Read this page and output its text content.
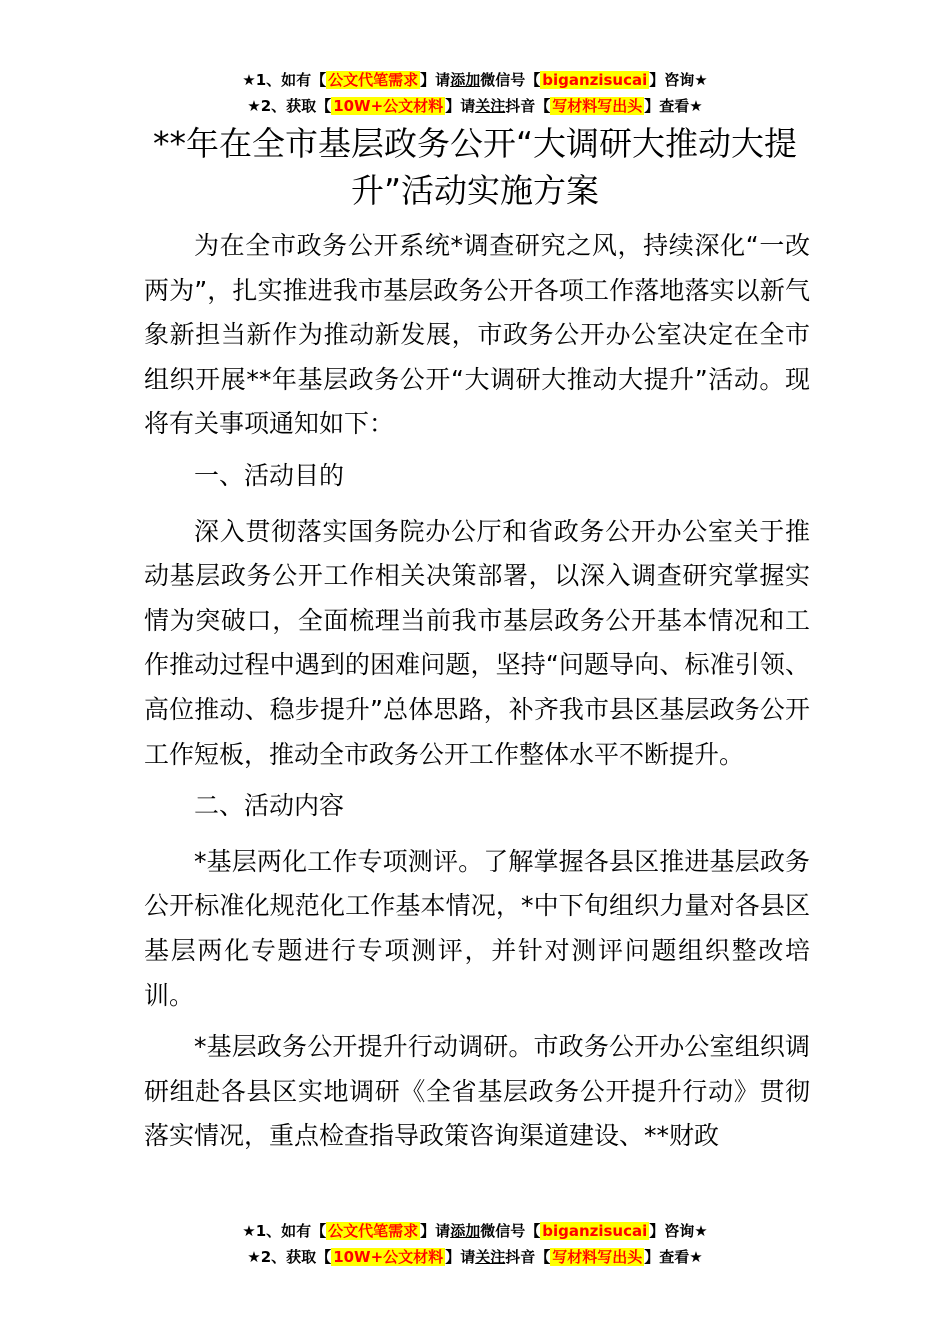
★1、如有【 公文代笔需求 】请添加微信号【 biganzisucai 】咨询★
★2、获取【 10W+公文材料 】请关注抖音【 写材料写出头 】查看★
**年在全市基层政务公开“大调研大推动大提升”活动实施方案

为在全市政务公开系统*调查研究之风，持续深化“一改两为”，扎实推进我市基层政务公开各项工作落地落实以新气象新担当新作为推动新发展，市政务公开办公室决定在全市组织开展**年基层政务公开“大调研大推动大提升”活动。现将有关事项通知如下：

一、活动目的

深入贯彻落实国务院办公厅和省政务公开办公室关于推动基层政务公开工作相关决策部署，以深入调查研究掌握实情为突破口，全面梳理当前我市基层政务公开基本情况和工作推动过程中遇到的困难问题，坚持“问题导向、标准引领、高位推动、稳步提升”总体思路，补齐我市县区基层政务公开工作短板，推动全市政务公开工作整体水平不断提升。

二、活动内容

*基层两化工作专项测评。了解掌握各县区推进基层政务公开标准化规范化工作基本情况，*中下旬组织力量对各县区基层两化专题进行专项测评，并针对测评问题组织整改培训。

*基层政务公开提升行动调研。市政务公开办公室组织调研组赴各县区实地调研《全省基层政务公开提升行动》贯彻落实情况，重点检查指导政策咨询渠道建设、**财政

★1、如有【 公文代笔需求 】请添加微信号【 biganzisucai 】咨询★
★2、获取【 10W+公文材料 】请关注抖音【 写材料写出头 】查看★
